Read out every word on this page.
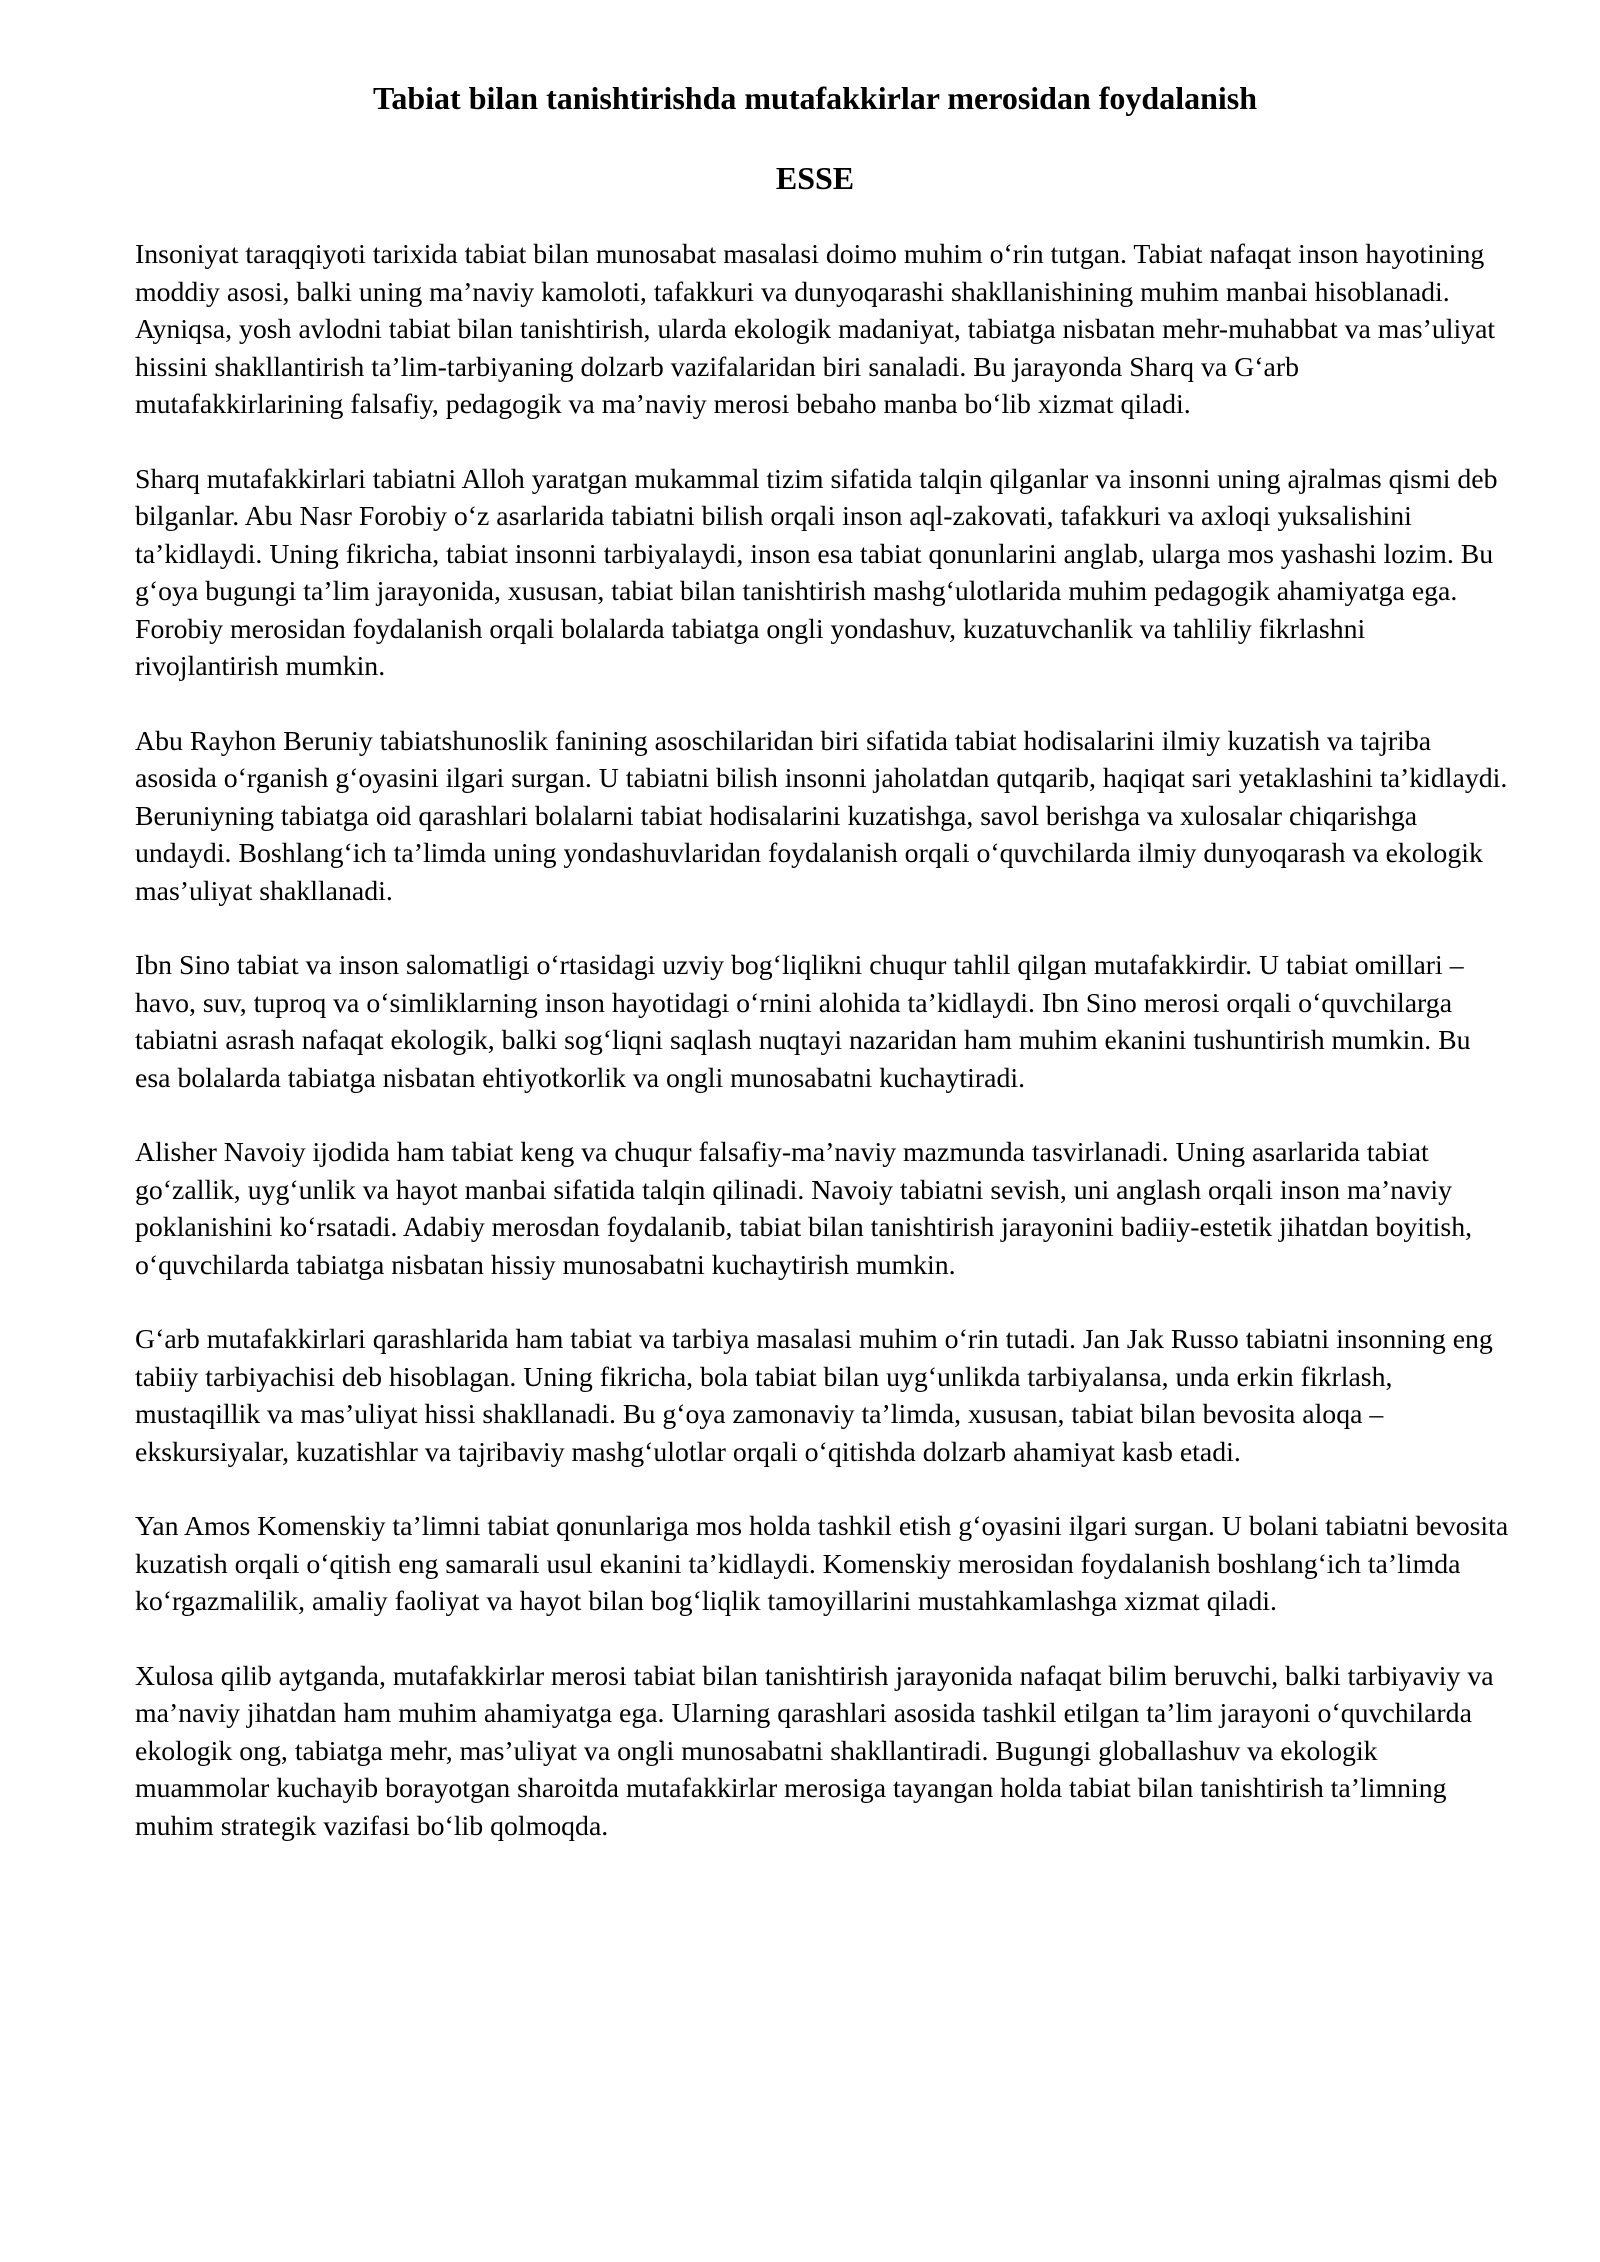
Tabiat bilan tanishtirishda mutafakkirlar merosidan foydalanish
ESSE

Insoniyat taraqqiyoti tarixida tabiat bilan munosabat masalasi doimo muhim o‘rin tutgan. Tabiat nafaqat inson hayotining moddiy asosi, balki uning ma’naviy kamoloti, tafakkuri va dunyoqarashi shakllanishining muhim manbai hisoblanadi. Ayniqsa, yosh avlodni tabiat bilan tanishtirish, ularda ekologik madaniyat, tabiatga nisbatan mehr-muhabbat va mas’uliyat hissini shakllantirish ta’lim-tarbiyaning dolzarb vazifalaridan biri sanaladi. Bu jarayonda Sharq va G‘arb mutafakkirlarining falsafiy, pedagogik va ma’naviy merosi bebaho manba bo‘lib xizmat qiladi.

Sharq mutafakkirlari tabiatni Alloh yaratgan mukammal tizim sifatida talqin qilganlar va insonni uning ajralmas qismi deb bilganlar. Abu Nasr Forobiy o‘z asarlarida tabiatni bilish orqali inson aql-zakovati, tafakkuri va axloqi yuksalishini ta’kidlaydi. Uning fikricha, tabiat insonni tarbiyalaydi, inson esa tabiat qonunlarini anglab, ularga mos yashashi lozim. Bu g‘oya bugungi ta’lim jarayonida, xususan, tabiat bilan tanishtirish mashg‘ulotlarida muhim pedagogik ahamiyatga ega. Forobiy merosidan foydalanish orqali bolalarda tabiatga ongli yondashuv, kuzatuvchanlik va tahliliy fikrlashni rivojlantirish mumkin.

Abu Rayhon Beruniy tabiatshunoslik fanining asoschilaridan biri sifatida tabiat hodisalarini ilmiy kuzatish va tajriba asosida o‘rganish g‘oyasini ilgari surgan. U tabiatni bilish insonni jaholatdan qutqarib, haqiqat sari yetaklashini ta’kidlaydi. Beruniyning tabiatga oid qarashlari bolalarni tabiat hodisalarini kuzatishga, savol berishga va xulosalar chiqarishga undaydi. Boshlang‘ich ta’limda uning yondashuvlaridan foydalanish orqali o‘quvchilarda ilmiy dunyoqarash va ekologik mas’uliyat shakllanadi.

Ibn Sino tabiat va inson salomatligi o‘rtasidagi uzviy bog‘liqlikni chuqur tahlil qilgan mutafakkirdir. U tabiat omillari – havo, suv, tuproq va o‘simliklarning inson hayotidagi o‘rnini alohida ta’kidlaydi. Ibn Sino merosi orqali o‘quvchilarga tabiatni asrash nafaqat ekologik, balki sog‘liqni saqlash nuqtayi nazaridan ham muhim ekanini tushuntirish mumkin. Bu esa bolalarda tabiatga nisbatan ehtiyotkorlik va ongli munosabatni kuchaytiradi.

Alisher Navoiy ijodida ham tabiat keng va chuqur falsafiy-ma’naviy mazmunda tasvirlanadi. Uning asarlarida tabiat go‘zallik, uyg‘unlik va hayot manbai sifatida talqin qilinadi. Navoiy tabiatni sevish, uni anglash orqali inson ma’naviy poklanishini ko‘rsatadi. Adabiy merosdan foydalanib, tabiat bilan tanishtirish jarayonini badiiy-estetik jihatdan boyitish, o‘quvchilarda tabiatga nisbatan hissiy munosabatni kuchaytirish mumkin.

G‘arb mutafakkirlari qarashlarida ham tabiat va tarbiya masalasi muhim o‘rin tutadi. Jan Jak Russo tabiatni insonning eng tabiiy tarbiyachisi deb hisoblagan. Uning fikricha, bola tabiat bilan uyg‘unlikda tarbiyalansa, unda erkin fikrlash, mustaqillik va mas’uliyat hissi shakllanadi. Bu g‘oya zamonaviy ta’limda, xususan, tabiat bilan bevosita aloqa – ekskursiyalar, kuzatishlar va tajribaviy mashg‘ulotlar orqali o‘qitishda dolzarb ahamiyat kasb etadi.

Yan Amos Komenskiy ta’limni tabiat qonunlariga mos holda tashkil etish g‘oyasini ilgari surgan. U bolani tabiatni bevosita kuzatish orqali o‘qitish eng samarali usul ekanini ta’kidlaydi. Komenskiy merosidan foydalanish boshlang‘ich ta’limda ko‘rgazmalilik, amaliy faoliyat va hayot bilan bog‘liqlik tamoyillarini mustahkamlashga xizmat qiladi.

Xulosa qilib aytganda, mutafakkirlar merosi tabiat bilan tanishtirish jarayonida nafaqat bilim beruvchi, balki tarbiyaviy va ma’naviy jihatdan ham muhim ahamiyatga ega. Ularning qarashlari asosida tashkil etilgan ta’lim jarayoni o‘quvchilarda ekologik ong, tabiatga mehr, mas’uliyat va ongli munosabatni shakllantiradi. Bugungi globallashuv va ekologik muammolar kuchayib borayotgan sharoitda mutafakkirlar merosiga tayangan holda tabiat bilan tanishtirish ta’limning muhim strategik vazifasi bo‘lib qolmoqda.
